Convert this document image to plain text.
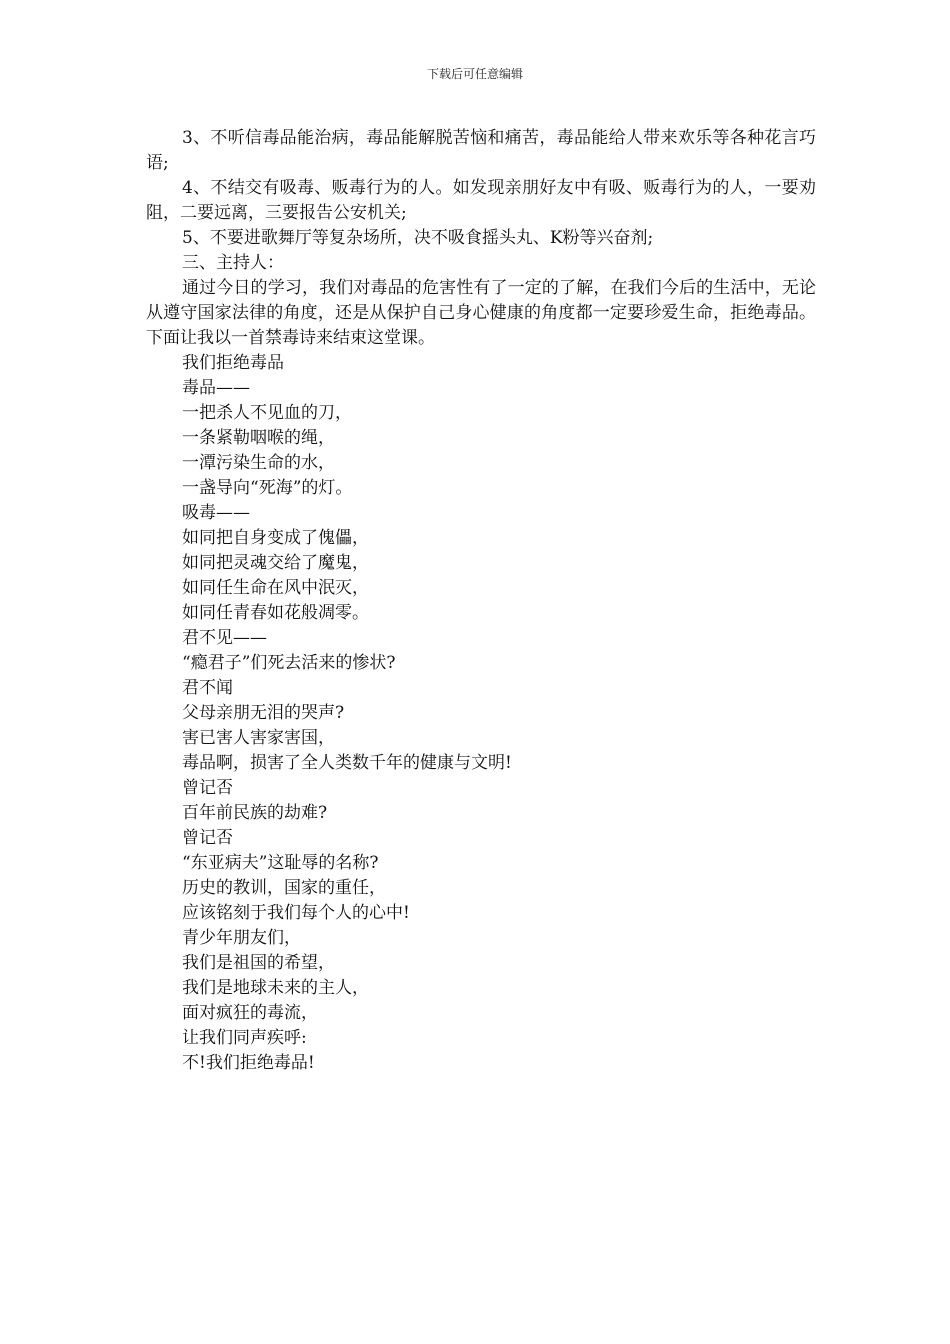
下载后可任意编辑

3、不听信毒品能治病，毒品能解脱苦恼和痛苦，毒品能给人带来欢乐等各种花言巧语;

4、不结交有吸毒、贩毒行为的人。如发现亲朋好友中有吸、贩毒行为的人，一要劝阻，二要远离，三要报告公安机关;

5、不要进歌舞厅等复杂场所，决不吸食摇头丸、K粉等兴奋剂;

三、主持人：

通过今日的学习，我们对毒品的危害性有了一定的了解，在我们今后的生活中，无论从遵守国家法律的角度，还是从保护自己身心健康的角度都一定要珍爱生命，拒绝毒品。下面让我以一首禁毒诗来结束这堂课。

我们拒绝毒品

毒品——

一把杀人不见血的刀，

一条紧勒咽喉的绳，

一潭污染生命的水，

一盏导向“死海”的灯。

吸毒——

如同把自身变成了傀儡，

如同把灵魂交给了魔鬼，

如同任生命在风中泯灭，

如同任青春如花般凋零。

君不见——

“瘾君子”们死去活来的惨状?

君不闻

父母亲朋无泪的哭声?

害已害人害家害国，

毒品啊，损害了全人类数千年的健康与文明!

曾记否

百年前民族的劫难?

曾记否

“东亚病夫”这耻辱的名称?

历史的教训，国家的重任，

应该铭刻于我们每个人的心中!

青少年朋友们，

我们是祖国的希望，

我们是地球未来的主人，

面对疯狂的毒流，

让我们同声疾呼:

不!我们拒绝毒品!
